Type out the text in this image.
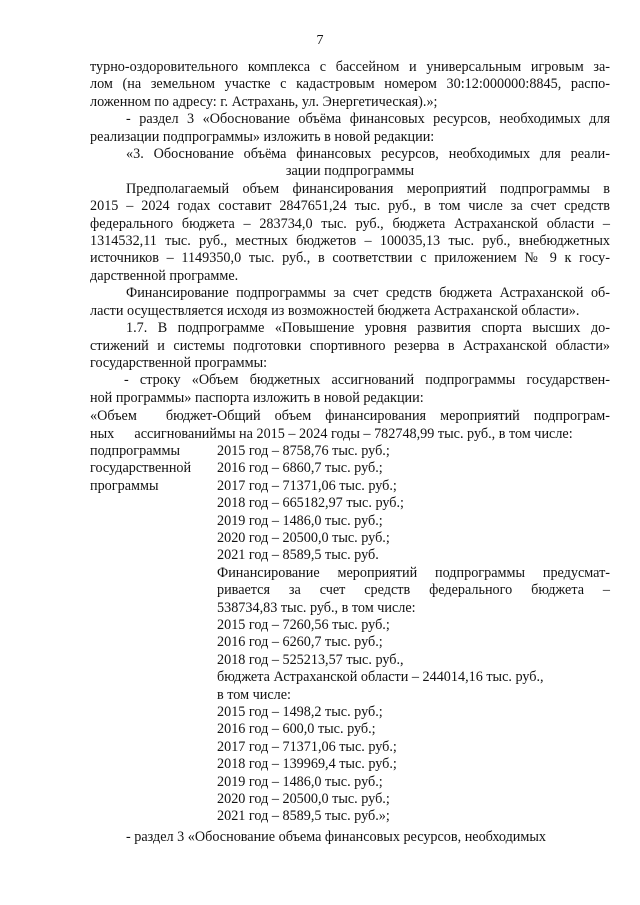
7

турно-оздоровительного комплекса с бассейном и универсальным игровым за-

лом (на земельном участке с кадастровым номером 30:12:000000:8845, распо-

ложенном по адресу: г. Астрахань, ул. Энергетическая).»;

- раздел 3 «Обоснование объёма финансовых ресурсов, необходимых для

реализации подпрограммы» изложить в новой редакции:

«3. Обоснование объёма финансовых ресурсов, необходимых для реали-

зации подпрограммы

Предполагаемый объем финансирования мероприятий подпрограммы в

2015 – 2024 годах составит 2847651,24 тыс. руб., в том числе за счет средств

федерального бюджета – 283734,0 тыс. руб., бюджета Астраханской области –

1314532,11 тыс. руб., местных бюджетов – 100035,13 тыс. руб., внебюджетных

источников – 1149350,0 тыс. руб., в соответствии с приложением № 9 к госу-

дарственной программе.

Финансирование подпрограммы за счет средств бюджета Астраханской об-

ласти осуществляется исходя из возможностей бюджета Астраханской области».

1.7. В подпрограмме «Повышение уровня развития спорта высших до-

стижений и системы подготовки спортивного резерва в Астраханской области»

государственной программы:

- строку «Объем бюджетных ассигнований подпрограммы государствен-

ной программы» паспорта изложить в новой редакции:

«Объем бюджет-

ных ассигнований

подпрограммы

государственной

программы

Общий объем финансирования мероприятий подпрограм-

мы на 2015 – 2024 годы – 782748,99 тыс. руб., в том числе:

2015 год – 8758,76 тыс. руб.;

2016 год – 6860,7 тыс. руб.;

2017 год – 71371,06 тыс. руб.;

2018 год – 665182,97 тыс. руб.;

2019 год – 1486,0 тыс. руб.;

2020 год – 20500,0 тыс. руб.;

2021 год – 8589,5 тыс. руб.

Финансирование мероприятий подпрограммы предусмат-

ривается за счет средств федерального бюджета –

538734,83 тыс. руб., в том числе:

2015 год – 7260,56 тыс. руб.;

2016 год – 6260,7 тыс. руб.;

2018 год – 525213,57 тыс. руб.,

бюджета Астраханской области – 244014,16 тыс. руб.,

в том числе:

2015 год – 1498,2 тыс. руб.;

2016 год – 600,0 тыс. руб.;

2017 год – 71371,06 тыс. руб.;

2018 год – 139969,4 тыс. руб.;

2019 год – 1486,0 тыс. руб.;

2020 год – 20500,0 тыс. руб.;

2021 год – 8589,5 тыс. руб.»;

- раздел 3 «Обоснование объема финансовых ресурсов, необходимых
